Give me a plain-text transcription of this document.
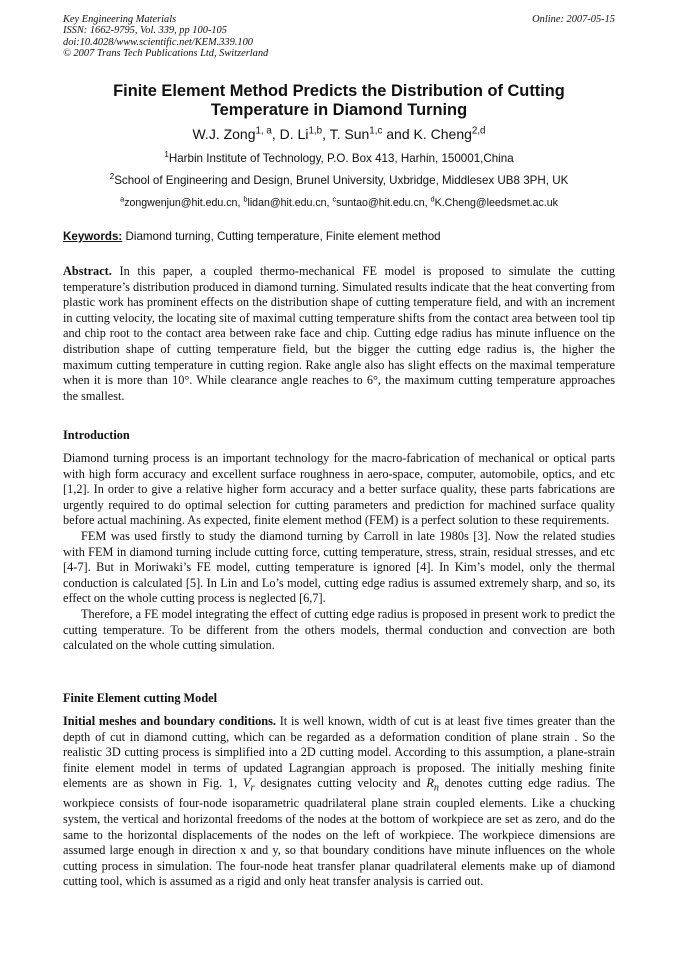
Key Engineering Materials
ISSN: 1662-9795, Vol. 339, pp 100-105
doi:10.4028/www.scientific.net/KEM.339.100
© 2007 Trans Tech Publications Ltd, Switzerland
Online: 2007-05-15
Finite Element Method Predicts the Distribution of Cutting
Temperature in Diamond Turning
W.J. Zong$^{1, a}$, D. Li$^{1,b}$, T. Sun$^{1,c}$ and K. Cheng$^{2,d}$
$^1$Harbin Institute of Technology, P.O. Box 413, Harhin, 150001,China
$^2$School of Engineering and Design, Brunel University, Uxbridge, Middlesex UB8 3PH, UK
$^a$zongwenjun@hit.edu.cn, $^b$lidan@hit.edu.cn, $^c$suntao@hit.edu.cn, $^d$K.Cheng@leedsmet.ac.uk
Keywords: Diamond turning, Cutting temperature, Finite element method

Abstract. In this paper, a coupled thermo-mechanical FE model is proposed to simulate the cutting temperature’s distribution produced in diamond turning. Simulated results indicate that the heat converting from plastic work has prominent effects on the distribution shape of cutting temperature field, and with an increment in cutting velocity, the locating site of maximal cutting temperature shifts from the contact area between tool tip and chip root to the contact area between rake face and chip. Cutting edge radius has minute influence on the distribution shape of cutting temperature field, but the bigger the cutting edge radius is, the higher the maximum cutting temperature in cutting region. Rake angle also has slight effects on the maximal temperature when it is more than 10°. While clearance angle reaches to 6°, the maximum cutting temperature approaches the smallest.

Introduction

Diamond turning process is an important technology for the macro-fabrication of mechanical or optical parts with high form accuracy and excellent surface roughness in aero-space, computer, automobile, optics, and etc [1,2]. In order to give a relative higher form accuracy and a better surface quality, these parts fabrications are urgently required to do optimal selection for cutting parameters and prediction for machined surface quality before actual machining. As expected, finite element method (FEM) is a perfect solution to these requirements.

FEM was used firstly to study the diamond turning by Carroll in late 1980s [3]. Now the related studies with FEM in diamond turning include cutting force, cutting temperature, stress, strain, residual stresses, and etc [4-7]. But in Moriwaki’s FE model, cutting temperature is ignored [4]. In Kim’s model, only the thermal conduction is calculated [5]. In Lin and Lo’s model, cutting edge radius is assumed extremely sharp, and so, its effect on the whole cutting process is neglected [6,7].

Therefore, a FE model integrating the effect of cutting edge radius is proposed in present work to predict the cutting temperature. To be different from the others models, thermal conduction and convection are both calculated on the whole cutting simulation.

Finite Element cutting Model

Initial meshes and boundary conditions. It is well known, width of cut is at least five times greater than the depth of cut in diamond cutting, which can be regarded as a deformation condition of plane strain . So the realistic 3D cutting process is simplified into a 2D cutting model. According to this assumption, a plane-strain finite element model in terms of updated Lagrangian approach is proposed. The initially meshing finite elements are as shown in Fig. 1, $V_r$ designates cutting velocity and $R_n$ denotes cutting edge radius. The workpiece consists of four-node isoparametric quadrilateral plane strain coupled elements. Like a chucking system, the vertical and horizontal freedoms of the nodes at the bottom of workpiece are set as zero, and do the same to the horizontal displacements of the nodes on the left of workpiece. The workpiece dimensions are assumed large enough in direction x and y, so that boundary conditions have minute influences on the whole cutting process in simulation. The four-node heat transfer planar quadrilateral elements make up of diamond cutting tool, which is assumed as a rigid and only heat transfer analysis is carried out.
